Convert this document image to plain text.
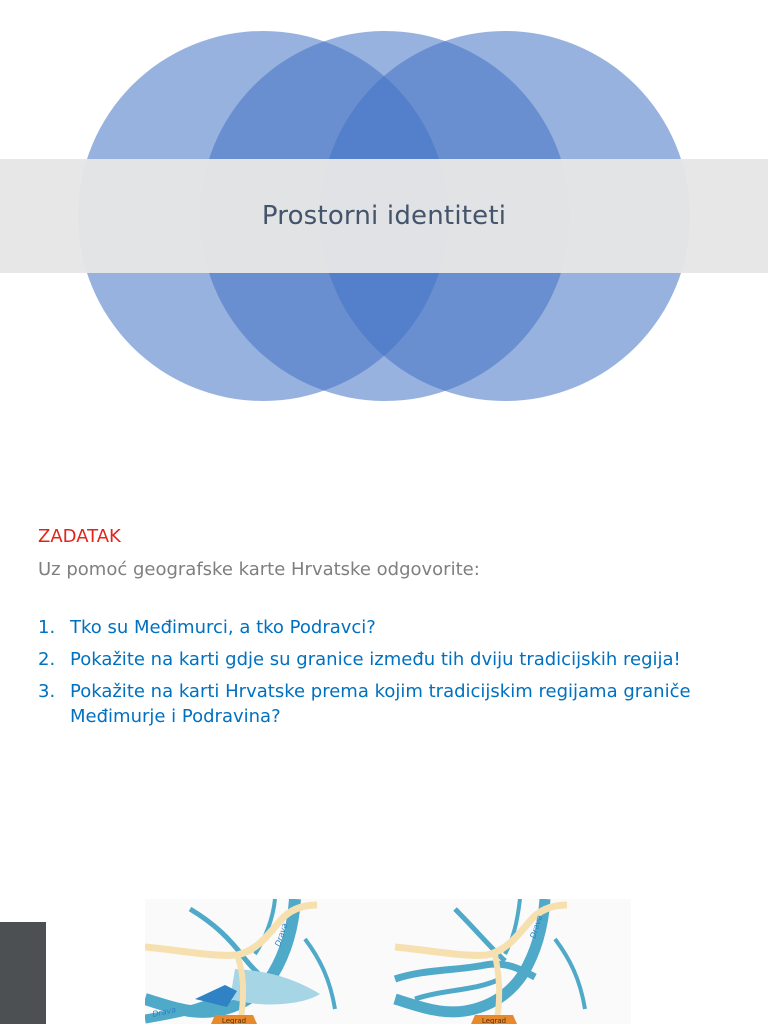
Prostorni identiteti
ZADATAK
Uz pomoć geografske karte Hrvatske odgovorite:
1. Tko su Međimurci, a tko Podravci?
2. Pokažite na karti gdje su granice između tih dviju tradicijskih regija!
3. Pokažite na karti Hrvatske prema kojim tradicijskim regijama graniče Međimurje i Podravina?
Legrad
Drava
Drava
Legrad
Drava
